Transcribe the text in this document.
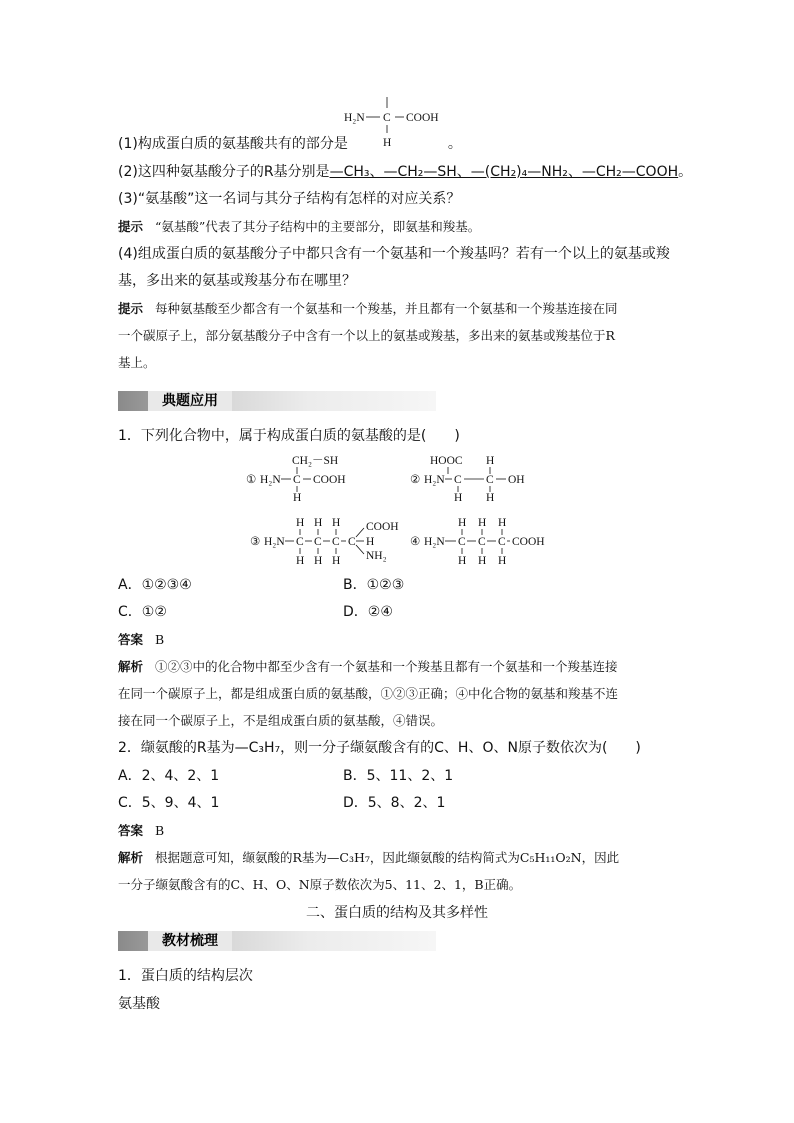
H₂N C COOH
H
(1)构成蛋白质的氨基酸共有的部分是	。
(2)这四种氨基酸分子的R基分别是—CH₃、—CH₂—SH、—(CH₂)₄—NH₂、—CH₂—COOH。
(3)“氨基酸”这一名词与其分子结构有怎样的对应关系？
提示 “氨基酸”代表了其分子结构中的主要部分，即氨基和羧基。
(4)组成蛋白质的氨基酸分子中都只含有一个氨基和一个羧基吗？若有一个以上的氨基或羧
基，多出来的氨基或羧基分布在哪里？
提示 每种氨基酸至少都含有一个氨基和一个羧基，并且都有一个氨基和一个羧基连接在同
一个碳原子上，部分氨基酸分子中含有一个以上的氨基或羧基，多出来的氨基或羧基位于R
基上。
典题应用
1．下列化合物中，属于构成蛋白质的氨基酸的是(　　)
CH₂－SH
① H₂N C COOH
H
HOOC H
② H₂N C C OH
H H
H H H COOH
③ H₂N C C C C H
NH₂
H H H
H H H
④ H₂N C C C COOH
H H H
A．①②③④	B．①②③
C．①②	D．②④
答案 B
解析 ①②③中的化合物中都至少含有一个氨基和一个羧基且都有一个氨基和一个羧基连接
在同一个碳原子上，都是组成蛋白质的氨基酸，①②③正确；④中化合物的氨基和羧基不连
接在同一个碳原子上，不是组成蛋白质的氨基酸，④错误。
2．缬氨酸的R基为—C₃H₇，则一分子缬氨酸含有的C、H、O、N原子数依次为(　　)
A．2、4、2、1	B．5、11、2、1
C．5、9、4、1	D．5、8、2、1
答案 B
解析 根据题意可知，缬氨酸的R基为—C₃H₇，因此缬氨酸的结构简式为C₅H₁₁O₂N，因此
一分子缬氨酸含有的C、H、O、N原子数依次为5、11、2、1，B正确。
二、蛋白质的结构及其多样性
教材梳理
1．蛋白质的结构层次
氨基酸
